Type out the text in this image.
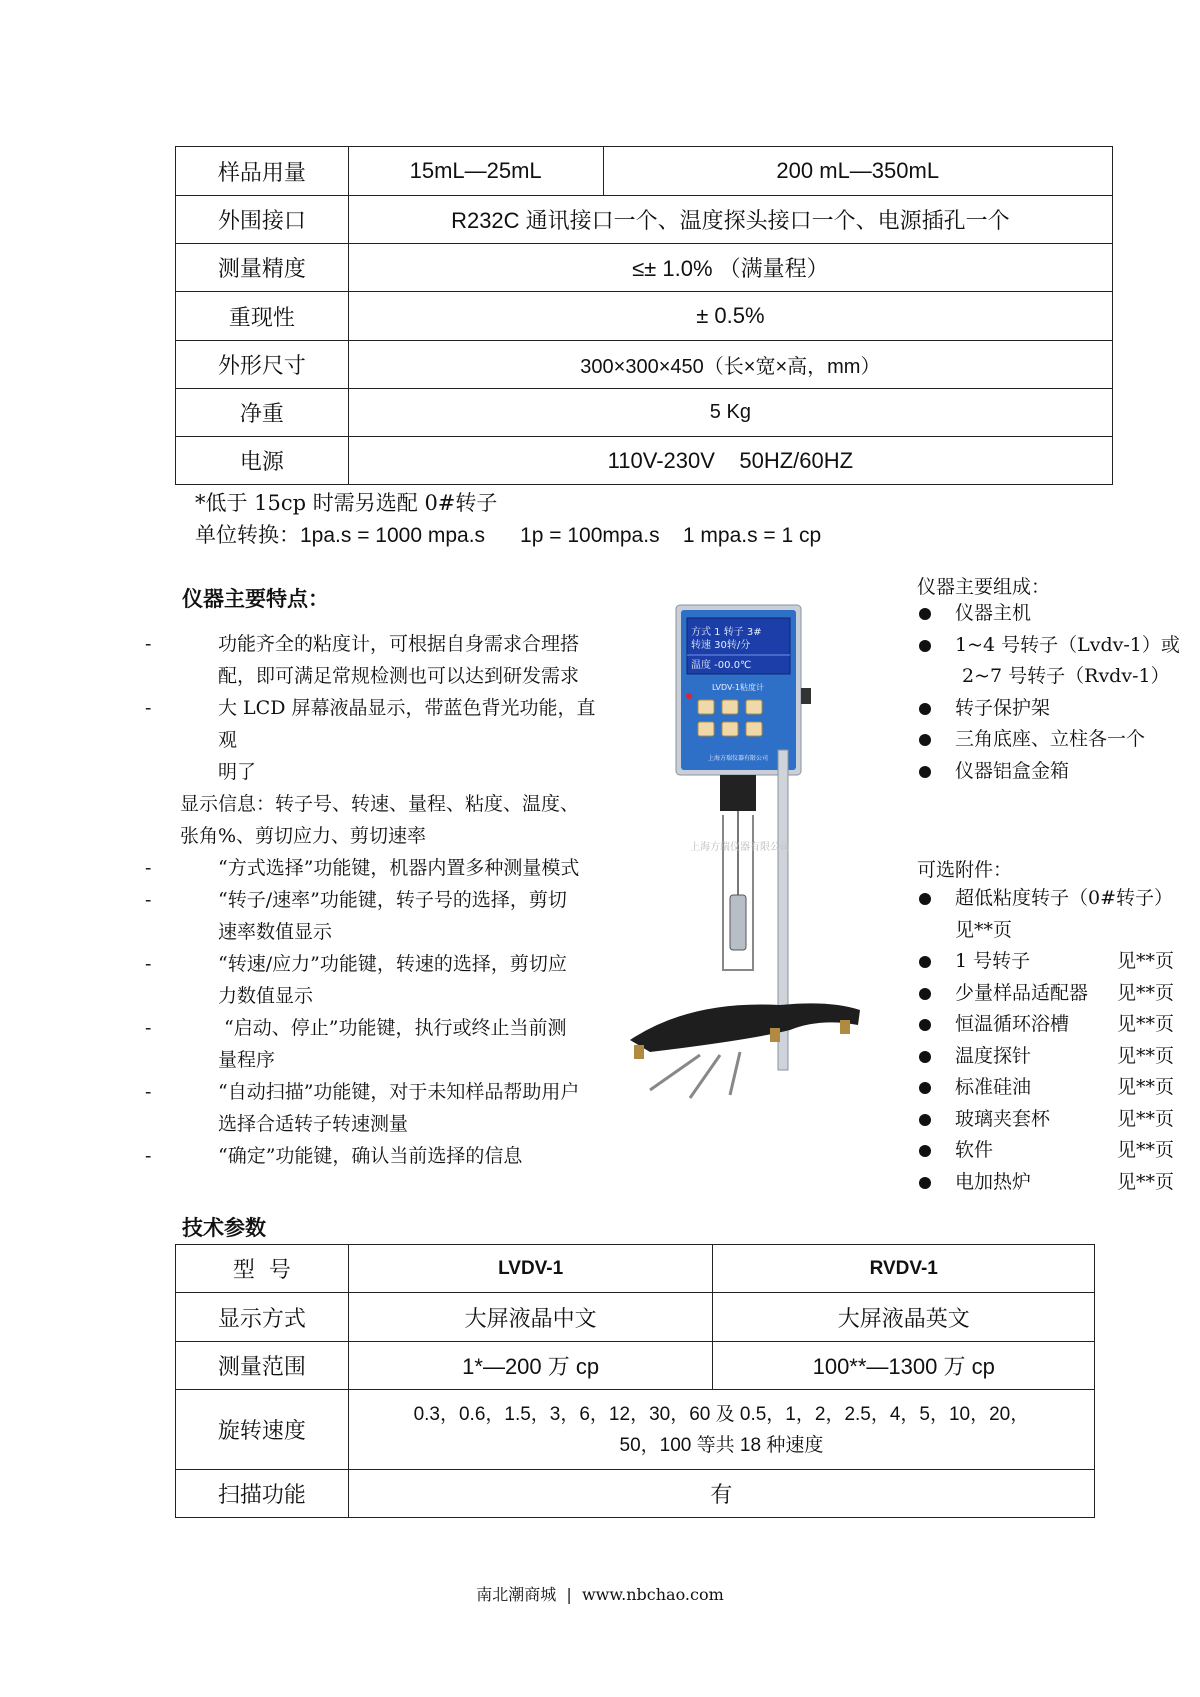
样品用量	15mL—25mL	200 mL—350mL
外围接口	R232C 通讯接口一个、温度探头接口一个、电源插孔一个	
测量精度	≤± 1.0% （满量程）	
重现性	± 0.5%	
外形尺寸	300×300×450（长×宽×高，mm）	
净重	5 Kg	
电源	110V-230V    50HZ/60HZ	
*低于 15cp 时需另选配 0#转子
单位转换：1pa.s = 1000 mpa.s      1p = 100mpa.s    1 mpa.s = 1 cp
仪器主要特点：
-	功能齐全的粘度计，可根据自身需求合理搭
配，即可满足常规检测也可以达到研发需求
-	大 LCD 屏幕液晶显示，带蓝色背光功能，直观
明了
显示信息：转子号、转速、量程、粘度、温度、
张角%、剪切应力、剪切速率
-	“方式选择”功能键，机器内置多种测量模式
-	“转子/速率”功能键，转子号的选择，剪切
速率数值显示
-	“转速/应力”功能键，转速的选择，剪切应
力数值显示
-	“启动、停止”功能键，执行或终止当前测
量程序
-	“自动扫描”功能键，对于未知样品帮助用户
选择合适转子转速测量
-	“确定”功能键，确认当前选择的信息
方式 1 转子 3#
转速 30转/分
温度 -00.0℃
LVDV-1粘度计
上海方瑞仪器有限公司
上海方瑞仪器有限公司
仪器主要组成：
仪器主机
1~4 号转子（Lvdv-1）或
2~7 号转子（Rvdv-1）
转子保护架
三角底座、立柱各一个
仪器铝盒金箱
可选附件：
超低粘度转子（0#转子）
见**页
1 号转子	见**页
少量样品适配器 见**页
恒温循环浴槽	见**页
温度探针	见**页
标准硅油	见**页
玻璃夹套杯	见**页
软件	见**页
电加热炉	见**页
技术参数
型  号	LVDV-1	RVDV-1
显示方式	大屏液晶中文	大屏液晶英文
测量范围	1*—200 万 cp	100**—1300 万 cp
旋转速度	0.3，0.6，1.5，3，6，12，30，60 及 0.5，1，2，2.5，4，5，10，20，
50，100 等共 18 种速度	

扫描功能	有	
南北潮商城  |  www.nbchao.com
